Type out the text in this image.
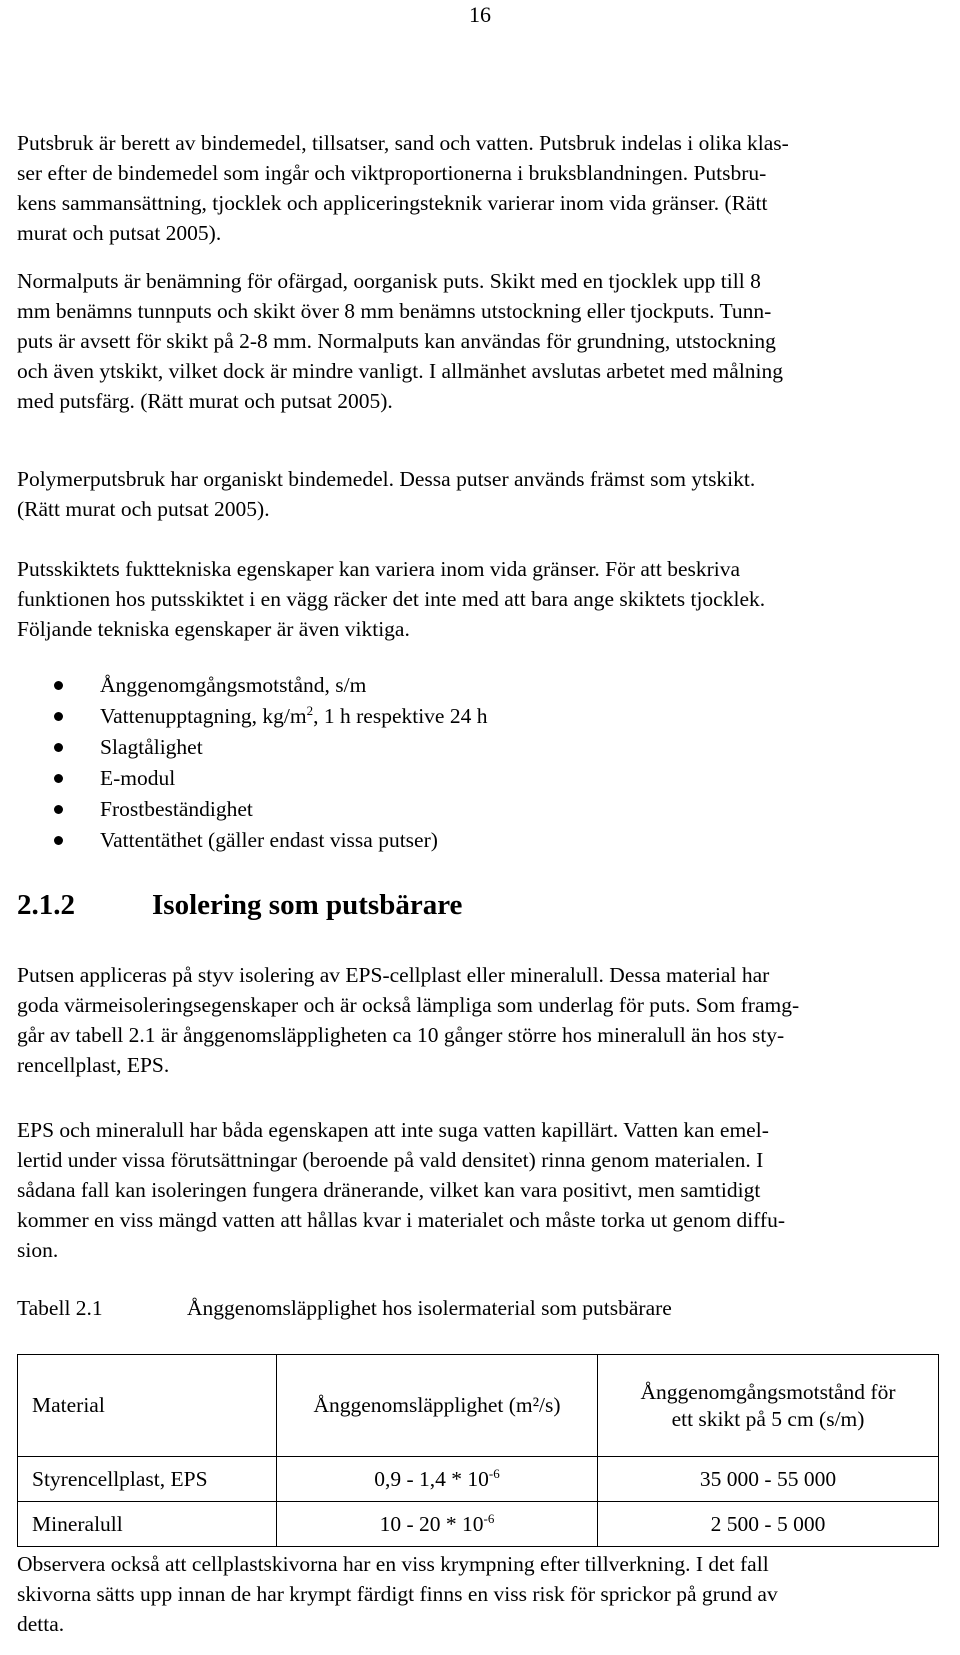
16

Putsbruk är berett av bindemedel, tillsatser, sand och vatten. Putsbruk indelas i olika klas-
ser efter de bindemedel som ingår och viktproportionerna i bruksblandningen. Putsbru-
kens sammansättning, tjocklek och appliceringsteknik varierar inom vida gränser. (Rätt
murat och putsat 2005).

Normalputs är benämning för ofärgad, oorganisk puts. Skikt med en tjocklek upp till 8
mm benämns tunnputs och skikt över 8 mm benämns utstockning eller tjockputs. Tunn-
puts är avsett för skikt på 2-8 mm. Normalputs kan användas för grundning, utstockning
och även ytskikt, vilket dock är mindre vanligt. I allmänhet avslutas arbetet med målning
med putsfärg. (Rätt murat och putsat 2005).

Polymerputsbruk har organiskt bindemedel. Dessa putser används främst som ytskikt.
(Rätt murat och putsat 2005).

Putsskiktets fukttekniska egenskaper kan variera inom vida gränser. För att beskriva
funktionen hos putsskiktet i en vägg räcker det inte med att bara ange skiktets tjocklek.
Följande tekniska egenskaper är även viktiga.

Ånggenomgångsmotstånd, s/m
Vattenupptagning, $kg/m^2$, 1 h respektive 24 h
Slagtålighet
E-modul
Frostbeständighet
Vattentäthet (gäller endast vissa putser)
2.1.2	Isolering som putsbärare

Putsen appliceras på styv isolering av EPS-cellplast eller mineralull. Dessa material har
goda värmeisoleringsegenskaper och är också lämpliga som underlag för puts. Som framg-
går av tabell 2.1 är ånggenomsläppligheten ca 10 gånger större hos mineralull än hos sty-
rencellplast, EPS.

EPS och mineralull har båda egenskapen att inte suga vatten kapillärt. Vatten kan emel-
lertid under vissa förutsättningar (beroende på vald densitet) rinna genom materialen. I
sådana fall kan isoleringen fungera dränerande, vilket kan vara positivt, men samtidigt
kommer en viss mängd vatten att hållas kvar i materialet och måste torka ut genom diffu-
sion.

Tabell 2.1	Ånggenomsläpplighet hos isolermaterial som putsbärare
Material	Ånggenomsläpplighet (m²/s)	Ånggenomgångsmotstånd för
ett skikt på 5 cm (s/m)
Styrencellplast, EPS	$0,9 - 1,4 * 10^{-6}$	35 000 - 55 000
Mineralull	$10 - 20 * 10^{-6}$	2 500 - 5 000

Observera också att cellplastskivorna har en viss krympning efter tillverkning. I det fall
skivorna sätts upp innan de har krympt färdigt finns en viss risk för sprickor på grund av
detta.
